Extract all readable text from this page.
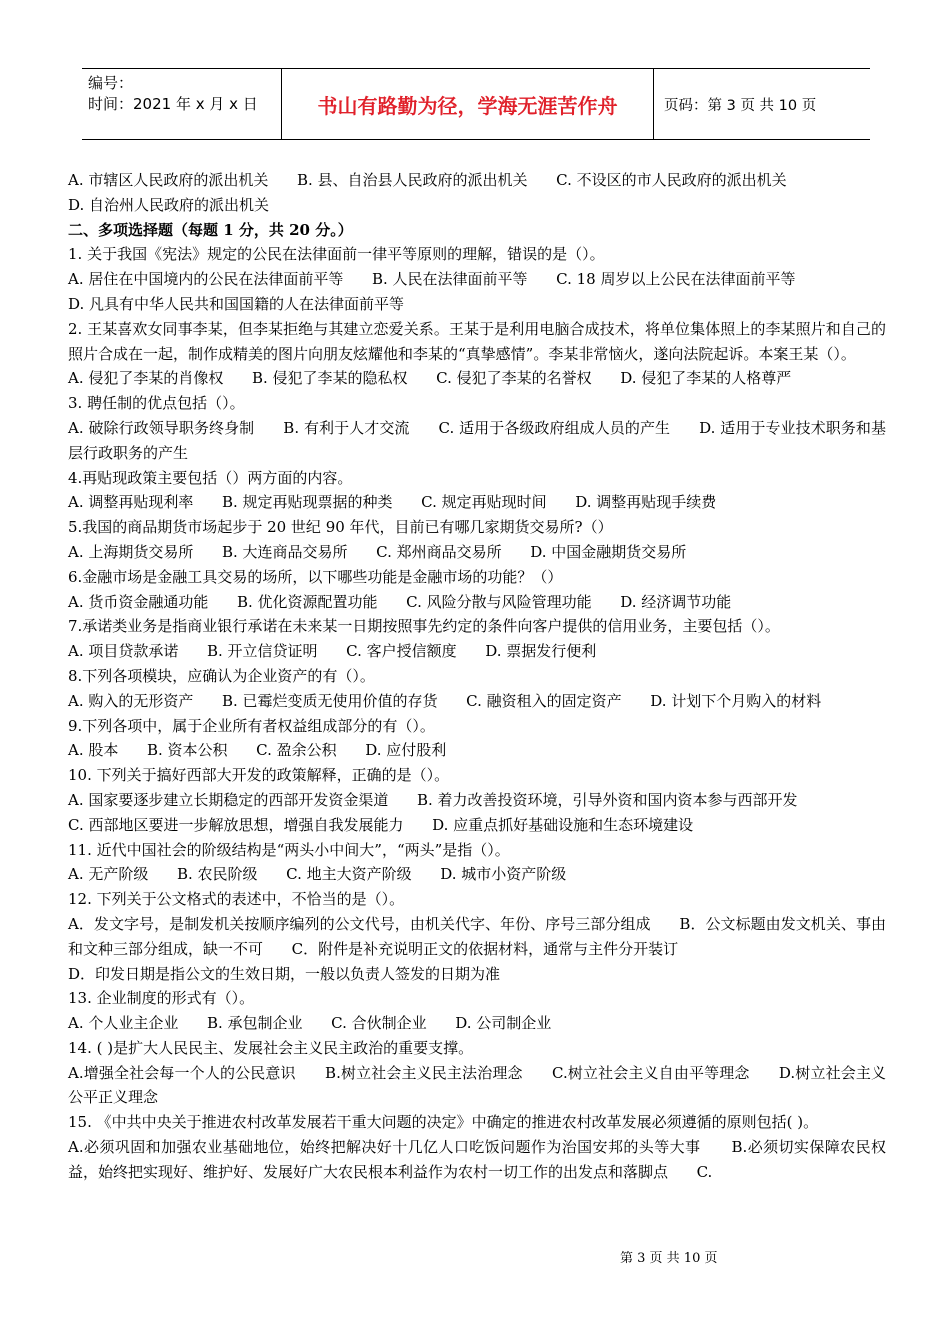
编号：
时间：2021 年 x 月 x 日	书山有路勤为径，学海无涯苦作舟	页码：第 3 页 共 10 页

A. 市辖区人民政府的派出机关      B. 县、自治县人民政府的派出机关      C. 不设区的市人民政府的派出机关

D. 自治州人民政府的派出机关

二、多项选择题（每题 1 分，共 20 分。）

1. 关于我国《宪法》规定的公民在法律面前一律平等原则的理解，错误的是（）。

A. 居住在中国境内的公民在法律面前平等      B. 人民在法律面前平等      C. 18 周岁以上公民在法律面前平等

D. 凡具有中华人民共和国国籍的人在法律面前平等

2. 王某喜欢女同事李某，但李某拒绝与其建立恋爱关系。王某于是利用电脑合成技术，将单位集体照上的李某照片和自己的照片合成在一起，制作成精美的图片向朋友炫耀他和李某的“真挚感情”。李某非常恼火，遂向法院起诉。本案王某（）。

A. 侵犯了李某的肖像权      B. 侵犯了李某的隐私权      C. 侵犯了李某的名誉权      D. 侵犯了李某的人格尊严

3. 聘任制的优点包括（）。

A. 破除行政领导职务终身制      B. 有利于人才交流      C. 适用于各级政府组成人员的产生      D. 适用于专业技术职务和基层行政职务的产生

4.再贴现政策主要包括（）两方面的内容。

A. 调整再贴现利率      B. 规定再贴现票据的种类      C. 规定再贴现时间      D. 调整再贴现手续费

5.我国的商品期货市场起步于 20 世纪 90 年代，目前已有哪几家期货交易所?（）

A. 上海期货交易所      B. 大连商品交易所      C. 郑州商品交易所      D. 中国金融期货交易所

6.金融市场是金融工具交易的场所，以下哪些功能是金融市场的功能？（）

A. 货币资金融通功能      B. 优化资源配置功能      C. 风险分散与风险管理功能      D. 经济调节功能

7.承诺类业务是指商业银行承诺在未来某一日期按照事先约定的条件向客户提供的信用业务，主要包括（）。

A. 项目贷款承诺      B. 开立信贷证明      C. 客户授信额度      D. 票据发行便利

8.下列各项模块，应确认为企业资产的有（）。

A. 购入的无形资产      B. 已霉烂变质无使用价值的存货      C. 融资租入的固定资产      D. 计划下个月购入的材料

9.下列各项中，属于企业所有者权益组成部分的有（）。

A. 股本      B. 资本公积      C. 盈余公积      D. 应付股利

10. 下列关于搞好西部大开发的政策解释，正确的是（）。

A. 国家要逐步建立长期稳定的西部开发资金渠道      B. 着力改善投资环境，引导外资和国内资本参与西部开发

C. 西部地区要进一步解放思想，增强自我发展能力      D. 应重点抓好基础设施和生态环境建设

11. 近代中国社会的阶级结构是“两头小中间大”，“两头”是指（）。

A. 无产阶级      B. 农民阶级      C. 地主大资产阶级      D. 城市小资产阶级

12. 下列关于公文格式的表述中，不恰当的是（）。

A．发文字号，是制发机关按顺序编列的公文代号，由机关代字、年份、序号三部分组成      B．公文标题由发文机关、事由和文种三部分组成，缺一不可      C．附件是补充说明正文的依据材料，通常与主件分开装订

D．印发日期是指公文的生效日期，一般以负责人签发的日期为准

13. 企业制度的形式有（）。

A. 个人业主企业      B. 承包制企业      C. 合伙制企业      D. 公司制企业

14. ( )是扩大人民民主、发展社会主义民主政治的重要支撑。

A.增强全社会每一个人的公民意识      B.树立社会主义民主法治理念      C.树立社会主义自由平等理念      D.树立社会主义公平正义理念

15. 《中共中央关于推进农村改革发展若干重大问题的决定》中确定的推进农村改革发展必须遵循的原则包括( )。

A.必须巩固和加强农业基础地位，始终把解决好十几亿人口吃饭问题作为治国安邦的头等大事      B.必须切实保障农民权益，始终把实现好、维护好、发展好广大农民根本利益作为农村一切工作的出发点和落脚点      C.

第 3 页 共 10 页
